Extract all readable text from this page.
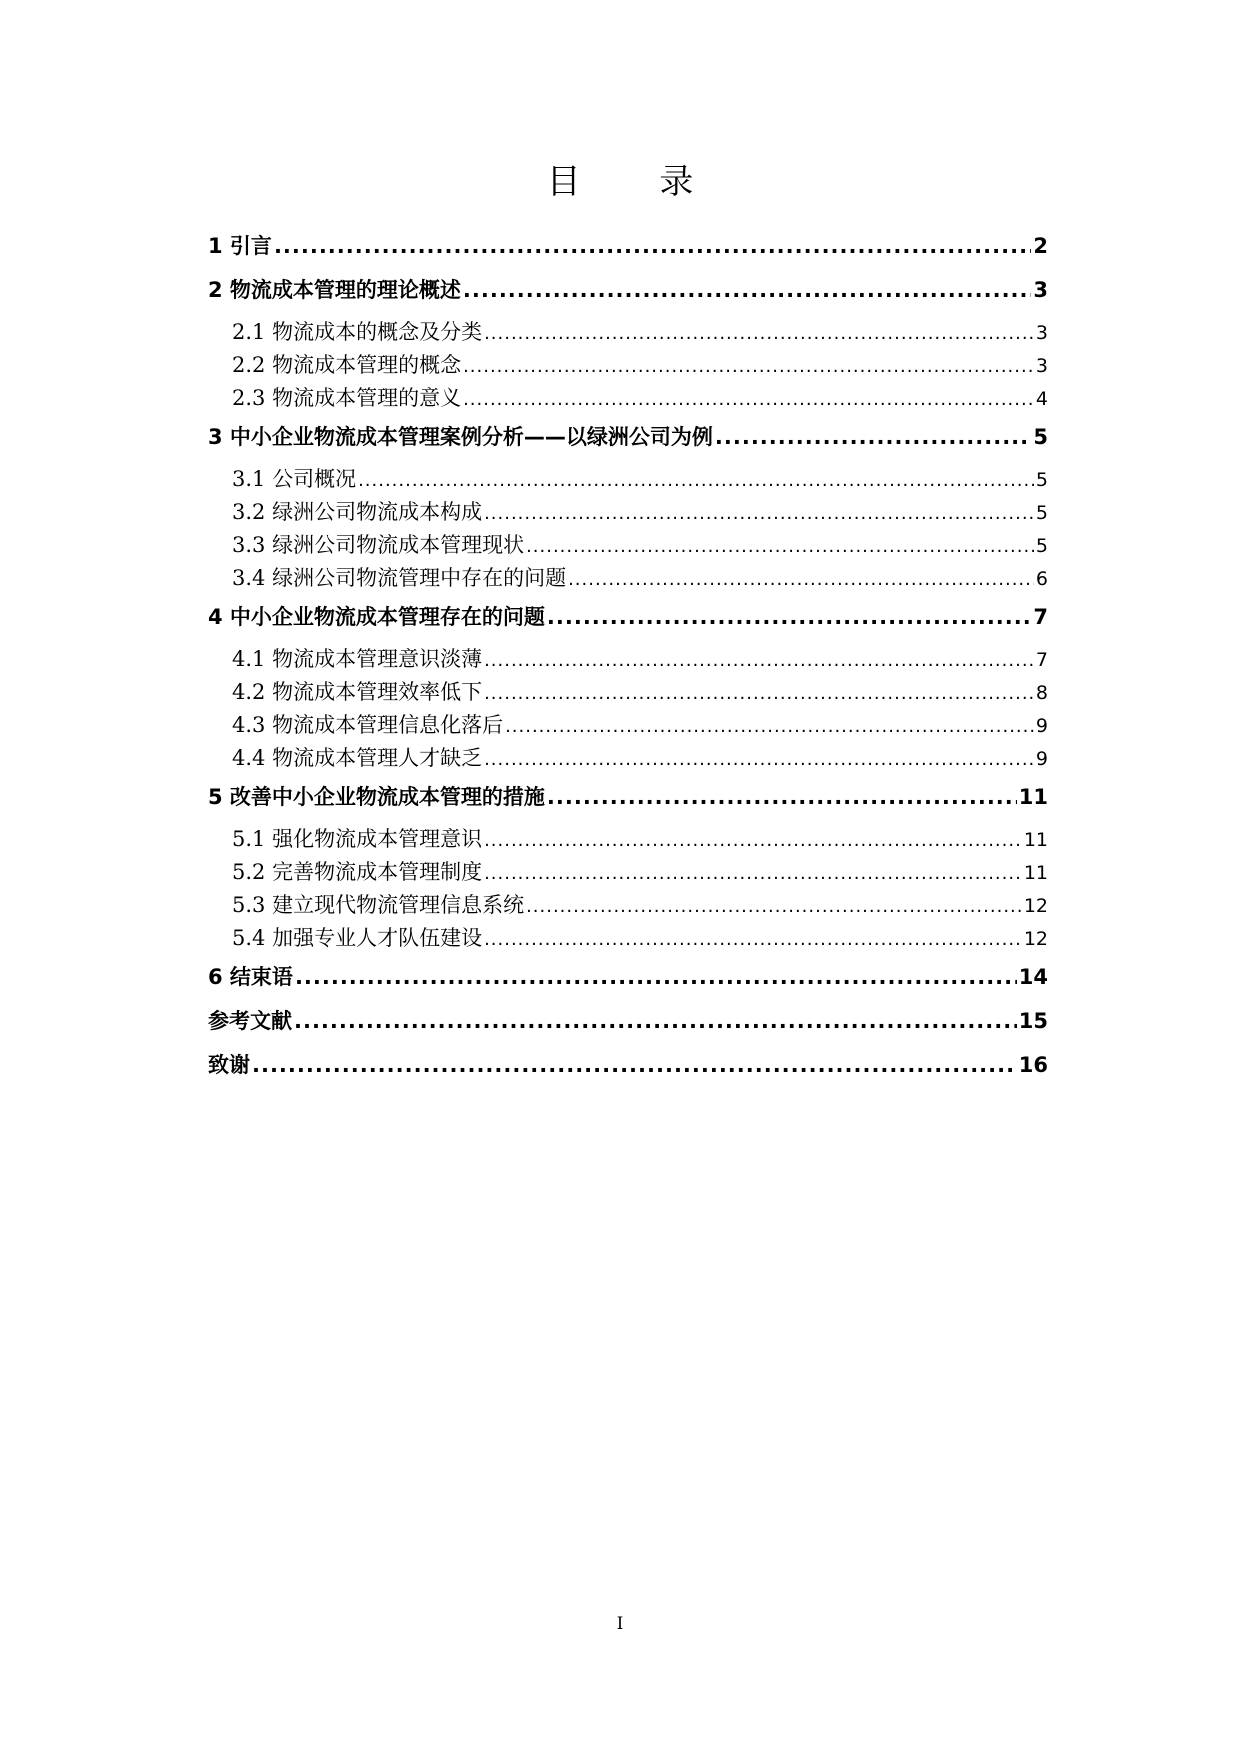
目 录
1 引言 .....	2
2 物流成本管理的理论概述 .....	3
2.1 物流成本的概念及分类 .....	3
2.2 物流成本管理的概念 .....	3
2.3 物流成本管理的意义 .....	4
3 中小企业物流成本管理案例分析——以绿洲公司为例 .....	5
3.1 公司概况 .....	5
3.2 绿洲公司物流成本构成 .....	5
3.3 绿洲公司物流成本管理现状 .....	5
3.4 绿洲公司物流管理中存在的问题 .....	6
4 中小企业物流成本管理存在的问题 .....	7
4.1 物流成本管理意识淡薄 .....	7
4.2 物流成本管理效率低下 .....	8
4.3 物流成本管理信息化落后 .....	9
4.4 物流成本管理人才缺乏 .....	9
5 改善中小企业物流成本管理的措施 .....	11
5.1 强化物流成本管理意识 .....	11
5.2 完善物流成本管理制度 .....	11
5.3 建立现代物流管理信息系统 .....	12
5.4 加强专业人才队伍建设 .....	12
6 结束语 .....	14
参考文献 .....	15
致谢 .....	16
I
